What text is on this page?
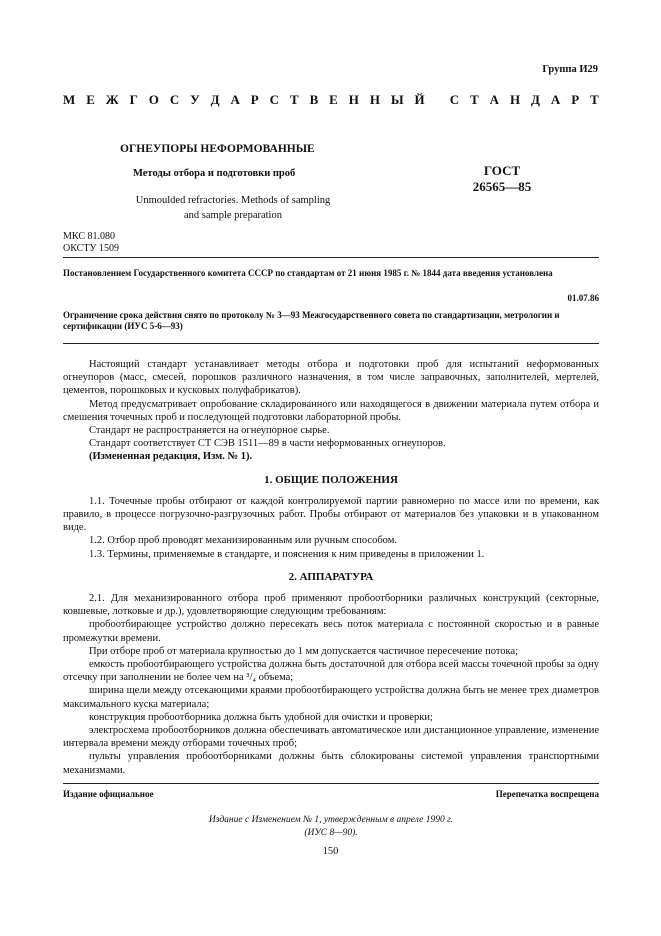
Группа И29
М Е Ж Г О С У Д А Р С Т В Е Н Н Ы Й
С Т А Н Д А Р Т
ОГНЕУПОРЫ НЕФОРМОВАННЫЕ
Методы отбора и подготовки проб
Unmoulded refractories. Methods of sampling
and sample preparation
ГОСТ
26565—85
МКС 81.080
ОКСТУ 1509
Постановлением Государственного комитета СССР по стандартам от 21 июня 1985 г. № 1844 дата введения установлена
01.07.86
Ограничение срока действия снято по протоколу № 3—93 Межгосударственного совета по стандартизации, метрологии и сертификации (ИУС 5-6—93)

Настоящий стандарт устанавливает методы отбора и подготовки проб для испытаний неформованных огнеупоров (масс, смесей, порошков различного назначения, в том числе заправочных, заполнителей, мертелей, цементов, порошковых и кусковых полуфабрикатов).

Метод предусматривает опробование складированного или находящегося в движении материала путем отбора и смешения точечных проб и последующей подготовки лабораторной пробы.

Стандарт не распространяется на огнеупорное сырье.

Стандарт соответствует СТ СЭВ 1511—89 в части неформованных огнеупоров.

(Измененная редакция, Изм. № 1).

1. ОБЩИЕ ПОЛОЖЕНИЯ

1.1. Точечные пробы отбирают от каждой контролируемой партии равномерно по массе или по времени, как правило, в процессе погрузочно-разгрузочных работ. Пробы отбирают от материалов без упаковки и в упакованном виде.

1.2. Отбор проб проводят механизированным или ручным способом.

1.3. Термины, применяемые в стандарте, и пояснения к ним приведены в приложении 1.

2. АППАРАТУРА

2.1. Для механизированного отбора проб применяют пробоотборники различных конструкций (секторные, ковшевые, лотковые и др.), удовлетворяющие следующим требованиям:

пробоотбирающее устройство должно пересекать весь поток материала с постоянной скоростью и в равные промежутки времени.

При отборе проб от материала крупностью до 1 мм допускается частичное пересечение потока;

емкость пробоотбирающего устройства должна быть достаточной для отбора всей массы точечной пробы за одну отсечку при заполнении не более чем на ³/₄ объема;

ширина щели между отсекающими краями пробоотбирающего устройства должна быть не менее трех диаметров максимального куска материала;

конструкция пробоотборника должна быть удобной для очистки и проверки;

электросхема пробоотборников должна обеспечивать автоматическое или дистанционное управление, изменение интервала времени между отборами точечных проб;

пульты управления пробоотборниками должны быть сблокированы системой управления транспортными механизмами.

Издание официальное	Перепечатка воспрещена
Издание с Изменением № 1, утвержденным в апреле 1990 г.
(ИУС 8—90).
150
